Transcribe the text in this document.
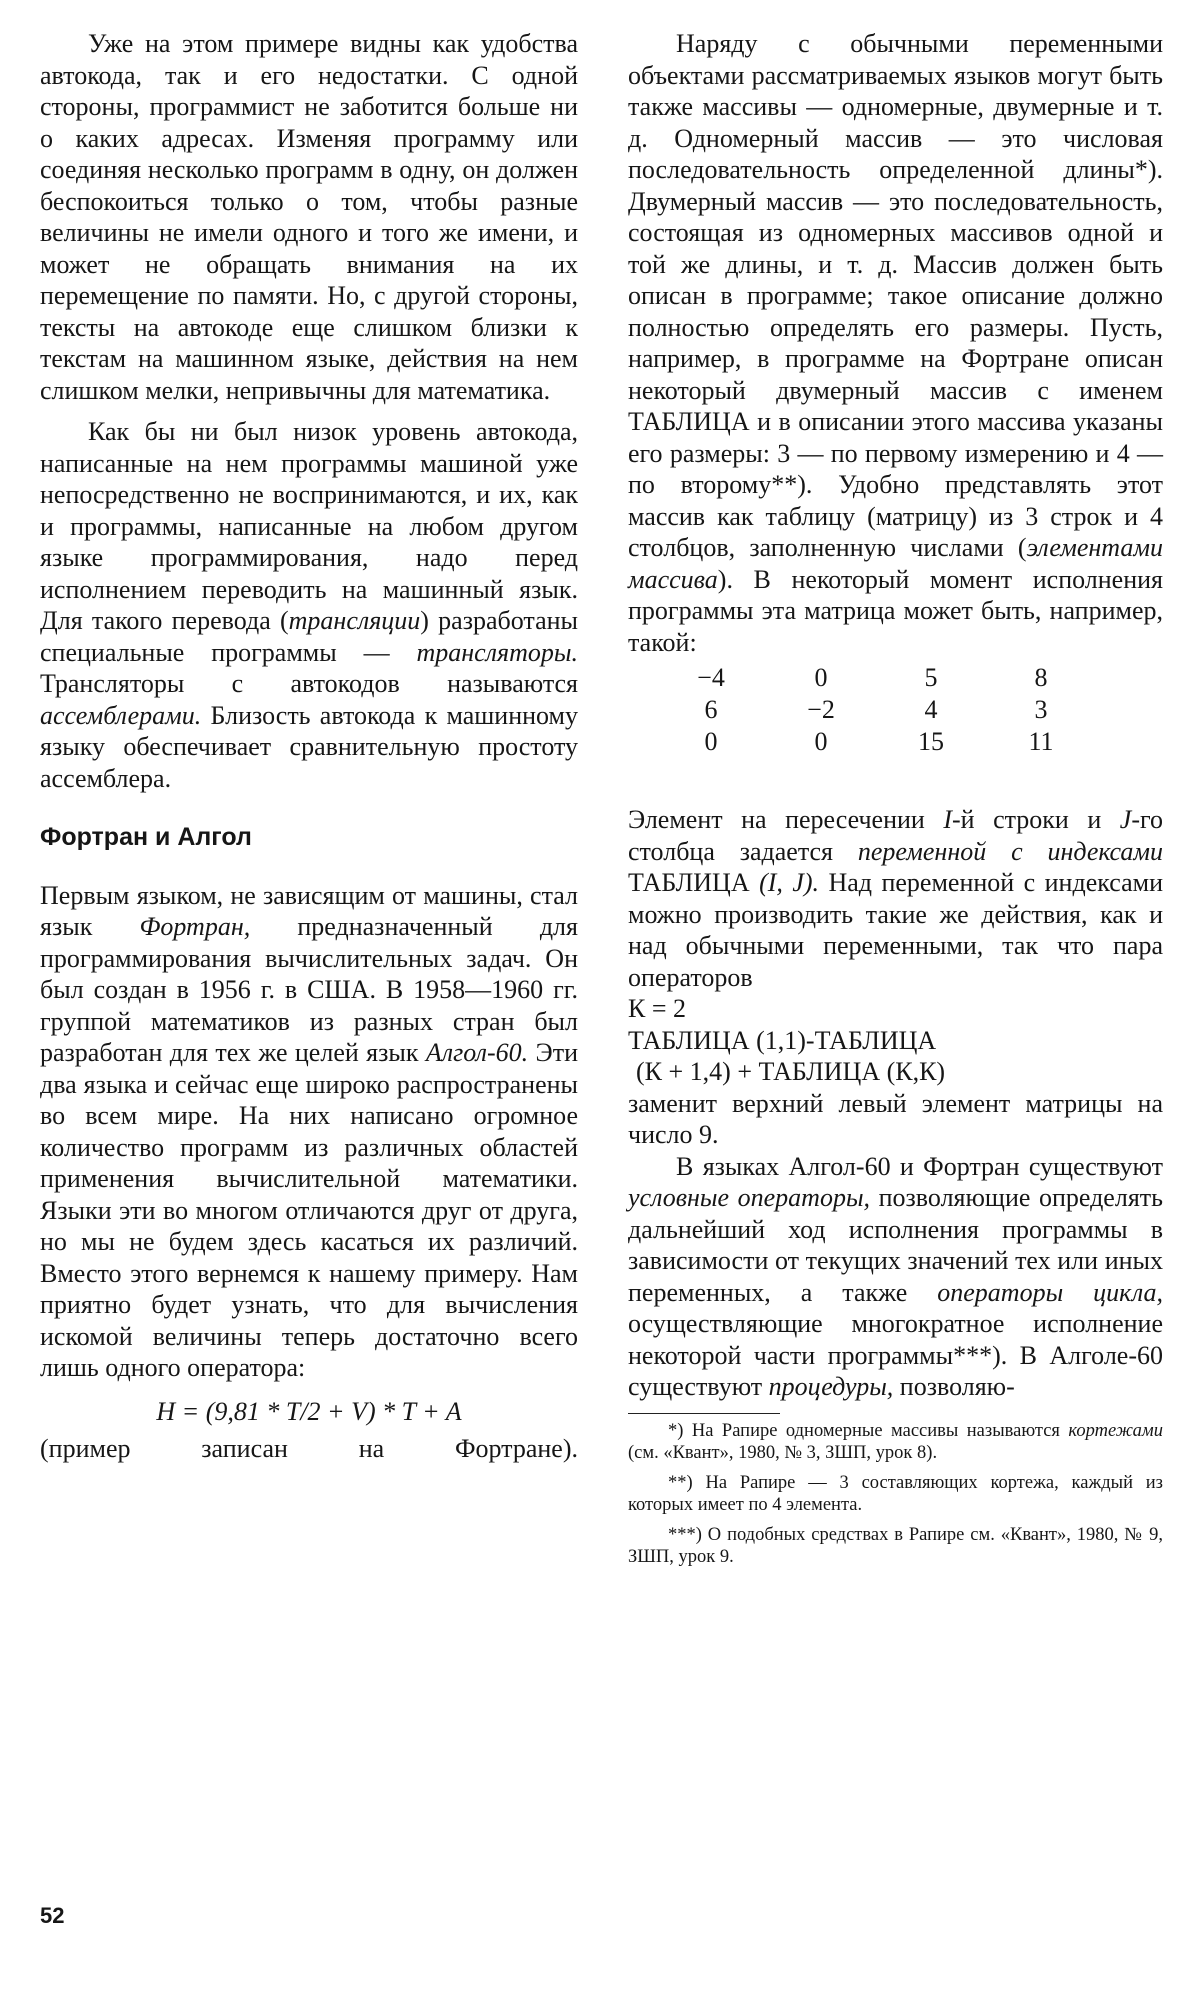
Уже на этом примере видны как удобства автокода, так и его недостатки. С одной стороны, программист не заботится больше ни о каких адресах. Изменяя программу или соединяя несколько программ в одну, он должен беспокоиться только о том, чтобы разные величины не имели одного и того же имени, и может не обращать внимания на их перемещение по памяти. Но, с другой стороны, тексты на автокоде еще слишком близки к текстам на машинном языке, действия на нем слишком мелки, непривычны для математика.

Как бы ни был низок уровень автокода, написанные на нем программы машиной уже непосредственно не воспринимаются, и их, как и программы, написанные на любом другом языке программирования, надо перед исполнением переводить на машинный язык. Для такого перевода (трансляции) разработаны специальные программы — трансляторы. Трансляторы с автокодов называются ассемблерами. Близость автокода к машинному языку обеспечивает сравнительную простоту ассемблера.

Фортран и Алгол

Первым языком, не зависящим от машины, стал язык Фортран, предназначенный для программирования вычислительных задач. Он был создан в 1956 г. в США. В 1958—1960 гг. группой математиков из разных стран был разработан для тех же целей язык Алгол-60. Эти два языка и сейчас еще широко распространены во всем мире. На них написано огромное количество программ из различных областей применения вычислительной математики. Языки эти во многом отличаются друг от друга, но мы не будем здесь касаться их различий. Вместо этого вернемся к нашему примеру. Нам приятно будет узнать, что для вычисления искомой величины теперь достаточно всего лишь одного оператора:

H = (9,81 * T/2 + V) * T + A

(пример записан на Фортране).

Наряду с обычными переменными объектами рассматриваемых языков могут быть также массивы — одномерные, двумерные и т. д. Одномерный массив — это числовая последовательность определенной длины*). Двумерный массив — это последовательность, состоящая из одномерных массивов одной и той же длины, и т. д. Массив должен быть описан в программе; такое описание должно полностью определять его размеры. Пусть, например, в программе на Фортране описан некоторый двумерный массив с именем ТАБЛИЦА и в описании этого массива указаны его размеры: 3 — по первому измерению и 4 — по второму**). Удобно представлять этот массив как таблицу (матрицу) из 3 строк и 4 столбцов, заполненную числами (элементами массива). В некоторый момент исполнения программы эта матрица может быть, например, такой:

−4	0	5	8
6	−2	4	3
0	0	15	11

Элемент на пересечении I-й строки и J-го столбца задается переменной с индексами ТАБЛИЦА (I, J). Над переменной с индексами можно производить такие же действия, как и над обычными переменными, так что пара операторов

К = 2

ТАБЛИЦА (1,1)-ТАБЛИЦА

(К + 1,4) + ТАБЛИЦА (К,К)

заменит верхний левый элемент матрицы на число 9.

В языках Алгол-60 и Фортран существуют условные операторы, позволяющие определять дальнейший ход исполнения программы в зависимости от текущих значений тех или иных переменных, а также операторы цикла, осуществляющие многократное исполнение некоторой части программы***). В Алголе-60 существуют процедуры, позволяю-

*) На Рапире одномерные массивы называются кортежами (см. «Квант», 1980, № 3, ЗШП, урок 8).

**) На Рапире — 3 составляющих кортежа, каждый из которых имеет по 4 элемента.

***) О подобных средствах в Рапире см. «Квант», 1980, № 9, ЗШП, урок 9.

52
